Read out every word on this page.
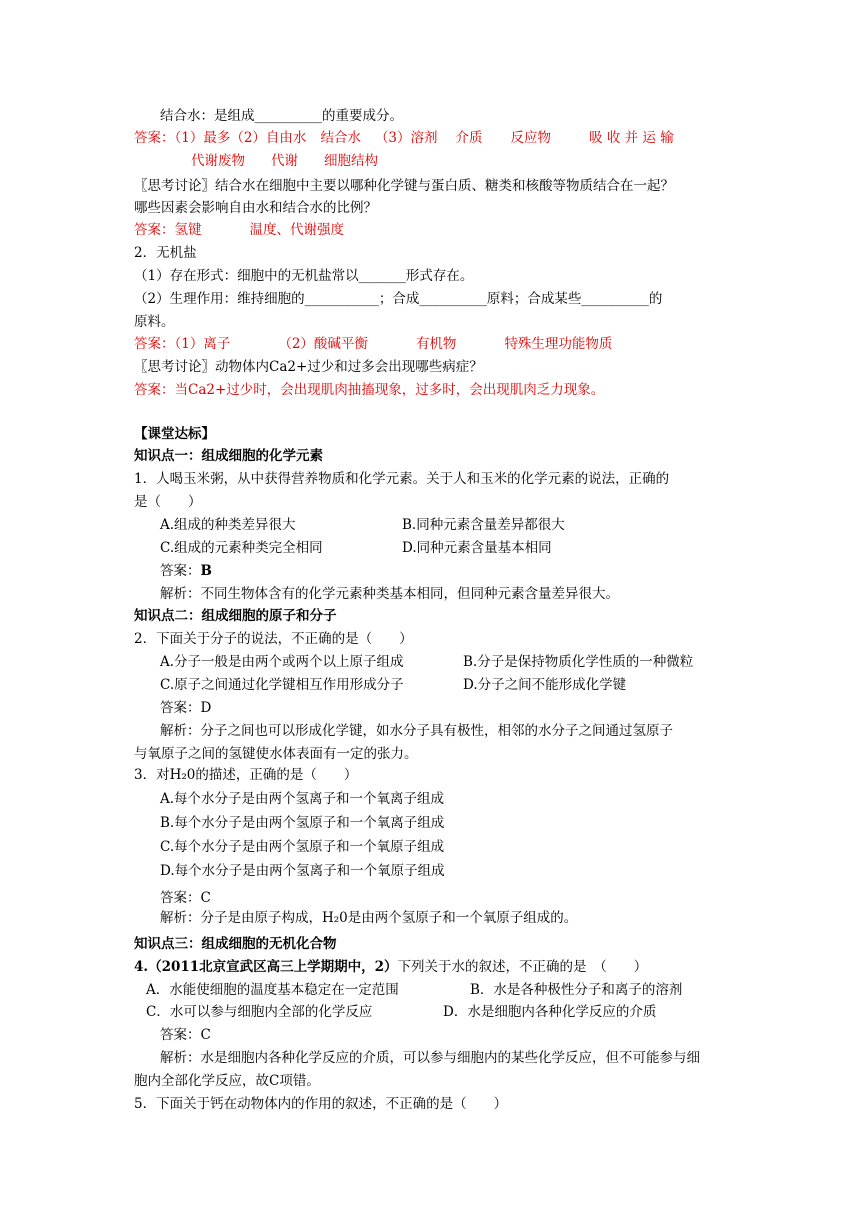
结合水：是组成__________的重要成分。
答案：（1）最多（2）自由水 结合水 （3）溶剂 介质 反应物	吸 收 并 运 输
代谢废物 代谢 细胞结构
〖思考讨论〗结合水在细胞中主要以哪种化学键与蛋白质、糖类和核酸等物质结合在一起？
哪些因素会影响自由水和结合水的比例？
答案：氢键	温度、代谢强度
2．无机盐
（1）存在形式：细胞中的无机盐常以_______形式存在。
（2）生理作用：维持细胞的___________；合成__________原料；合成某些__________的
原料。
答案：（1）离子	（2）酸碱平衡	有机物	特殊生理功能物质
〖思考讨论〗动物体内Ca2+过少和过多会出现哪些病症？
答案：当Ca2+过少时，会出现肌肉抽搐现象，过多时，会出现肌肉乏力现象。
【课堂达标】
知识点一：组成细胞的化学元素
1．人喝玉米粥，从中获得营养物质和化学元素。关于人和玉米的化学元素的说法，正确的
是（　　）
A.组成的种类差异很大	B.同种元素含量差异都很大
C.组成的元素种类完全相同	D.同种元素含量基本相同
答案：B
解析：不同生物体含有的化学元素种类基本相同，但同种元素含量差异很大。
知识点二：组成细胞的原子和分子
2．下面关于分子的说法，不正确的是（　　）
A.分子一般是由两个或两个以上原子组成	B.分子是保持物质化学性质的一种微粒
C.原子之间通过化学键相互作用形成分子	D.分子之间不能形成化学键
答案：D
解析：分子之间也可以形成化学键，如水分子具有极性，相邻的水分子之间通过氢原子
与氧原子之间的氢键使水体表面有一定的张力。
3．对H₂0的描述，正确的是（　　）
A.每个水分子是由两个氢离子和一个氧离子组成
B.每个水分子是由两个氢原子和一个氧离子组成
C.每个水分子是由两个氢原子和一个氧原子组成
D.每个水分子是由两个氢离子和一个氧原子组成
答案：C
解析：分子是由原子构成，H₂0是由两个氢原子和一个氧原子组成的。
知识点三：组成细胞的无机化合物
4.（2011北京宣武区高三上学期期中，2）下列关于水的叙述，不正确的是　（　　）
A．水能使细胞的温度基本稳定在一定范围	B．水是各种极性分子和离子的溶剂
C．水可以参与细胞内全部的化学反应	D．水是细胞内各种化学反应的介质
答案：C
解析：水是细胞内各种化学反应的介质，可以参与细胞内的某些化学反应，但不可能参与细
胞内全部化学反应，故C项错。
5．下面关于钙在动物体内的作用的叙述，不正确的是（　　）
